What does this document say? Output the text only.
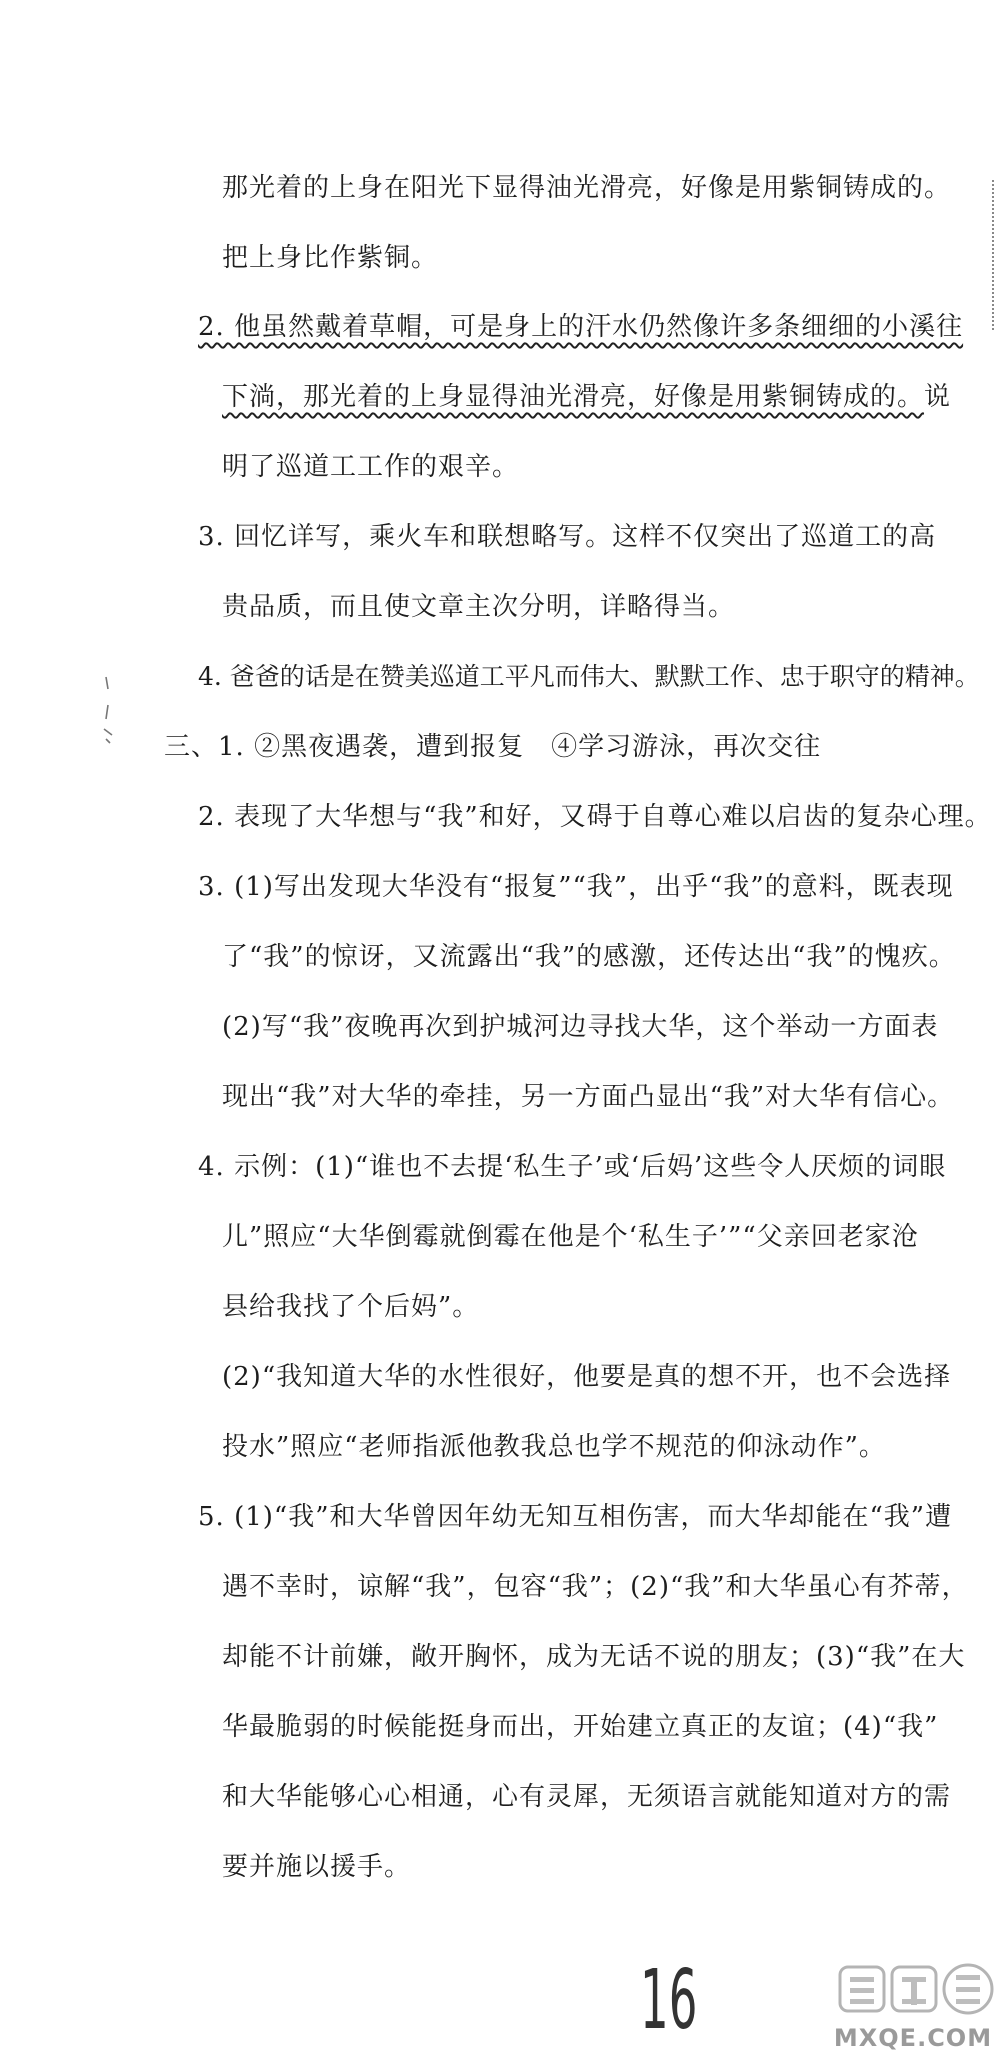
那光着的上身在阳光下显得油光滑亮，好像是用紫铜铸成的。
把上身比作紫铜。
2. 他虽然戴着草帽，可是身上的汗水仍然像许多条细细的小溪往
下淌，那光着的上身显得油光滑亮，好像是用紫铜铸成的。说
明了巡道工工作的艰辛。
3. 回忆详写，乘火车和联想略写。这样不仅突出了巡道工的高
贵品质，而且使文章主次分明，详略得当。
4. 爸爸的话是在赞美巡道工平凡而伟大、默默工作、忠于职守的精神。
三、1. ②黑夜遇袭，遭到报复　④学习游泳，再次交往
2. 表现了大华想与“我”和好，又碍于自尊心难以启齿的复杂心理。
3. (1)写出发现大华没有“报复”“我”，出乎“我”的意料，既表现
了“我”的惊讶，又流露出“我”的感激，还传达出“我”的愧疚。
(2)写“我”夜晚再次到护城河边寻找大华，这个举动一方面表
现出“我”对大华的牵挂，另一方面凸显出“我”对大华有信心。
4. 示例：(1)“谁也不去提‘私生子’或‘后妈’这些令人厌烦的词眼
儿”照应“大华倒霉就倒霉在他是个‘私生子’”“父亲回老家沧
县给我找了个后妈”。
(2)“我知道大华的水性很好，他要是真的想不开，也不会选择
投水”照应“老师指派他教我总也学不规范的仰泳动作”。
5. (1)“我”和大华曾因年幼无知互相伤害，而大华却能在“我”遭
遇不幸时，谅解“我”，包容“我”；(2)“我”和大华虽心有芥蒂，
却能不计前嫌，敞开胸怀，成为无话不说的朋友；(3)“我”在大
华最脆弱的时候能挺身而出，开始建立真正的友谊；(4)“我”
和大华能够心心相通，心有灵犀，无须语言就能知道对方的需
要并施以援手。
16	MXQE.COM
